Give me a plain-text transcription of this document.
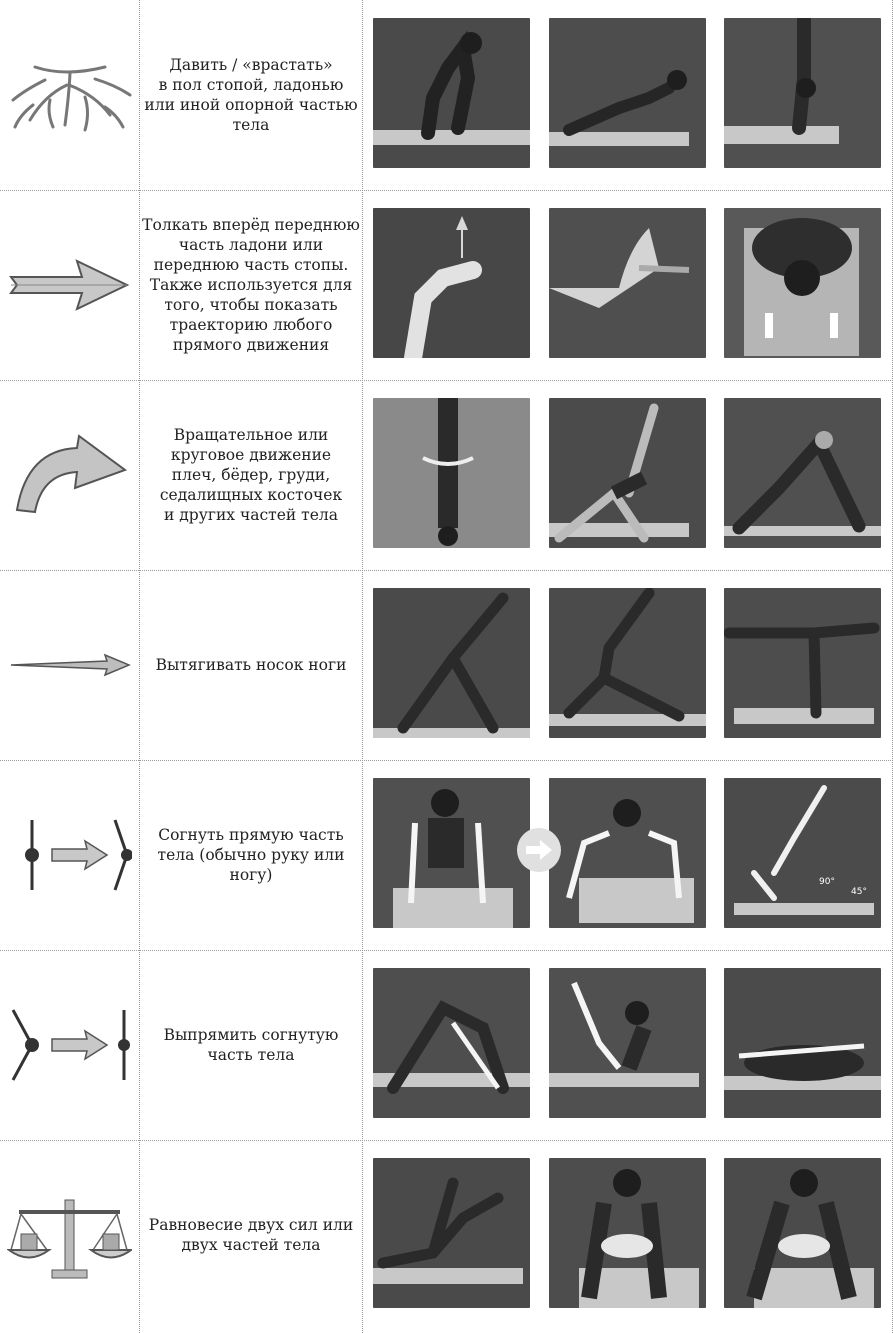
Давить / «врастать»
в пол стопой, ладонью
или иной опорной частью
тела
Толкать вперёд переднюю
часть ладони или
переднюю часть стопы.
Также используется для
того, чтобы показать
траекторию любого
прямого движения
Вращательное или
круговое движение
плеч, бёдер, груди,
седалищных косточек
и других частей тела
Вытягивать носок ноги
Согнуть прямую часть
тела (обычно руку или
ногу)	90°
45°
Выпрямить согнутую
часть тела
Равновесие двух сил или
двух частей тела
